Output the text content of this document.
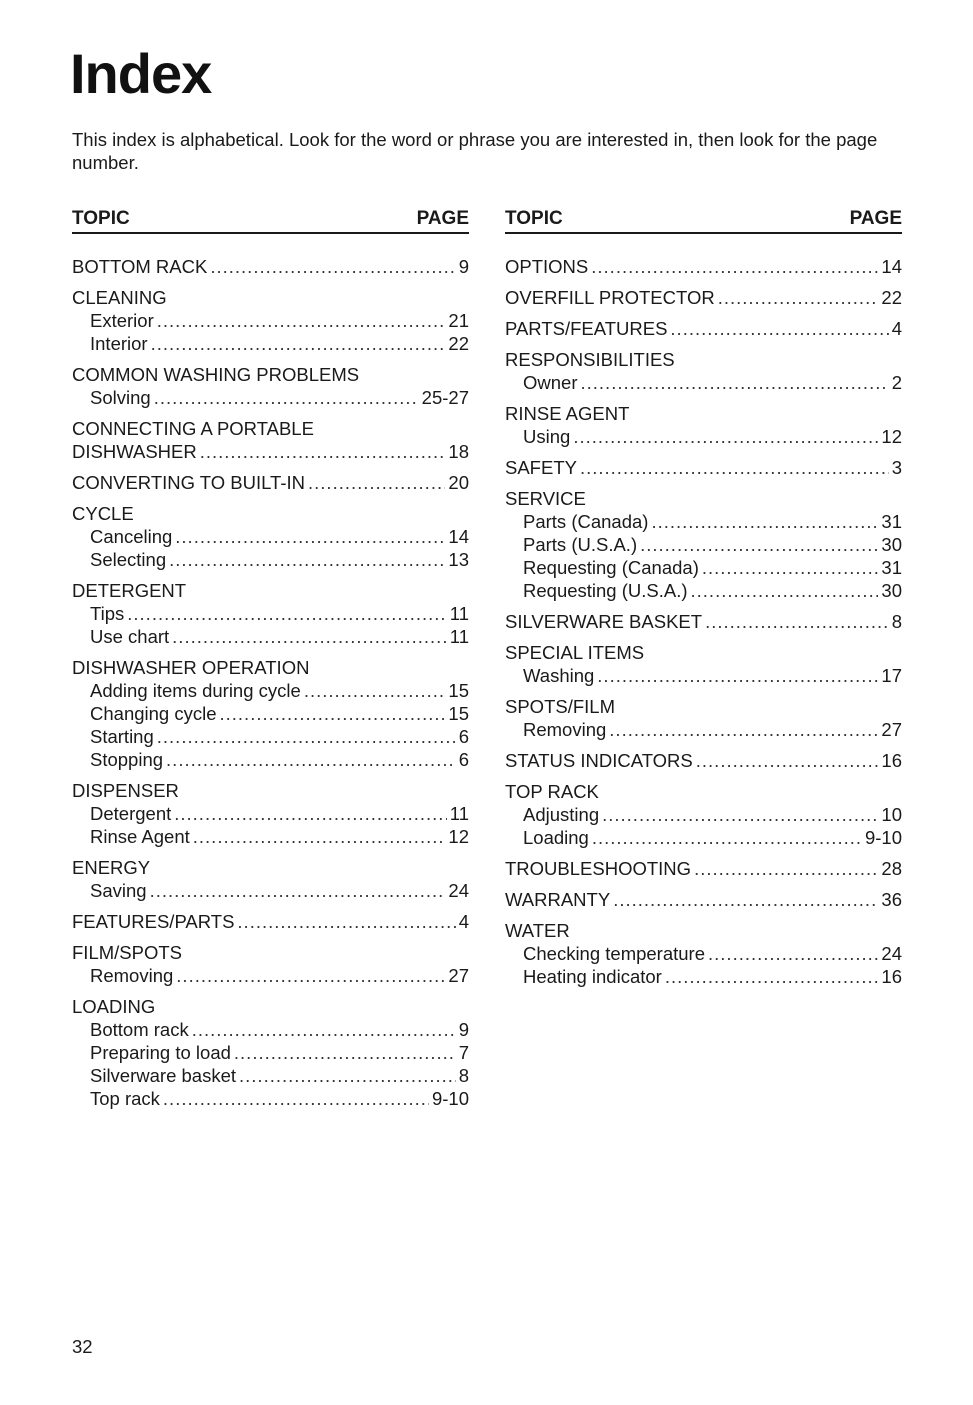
Index
This index is alphabetical. Look for the word or phrase you are interested in, then look for the page number.
TOPIC	PAGE
BOTTOM RACK .....	9
CLEANING
Exterior .....	21
Interior .....	22
COMMON WASHING PROBLEMS
Solving .....	25-27
CONNECTING A PORTABLE
DISHWASHER .....	18
CONVERTING TO BUILT-IN .....	20
CYCLE
Canceling .....	14
Selecting .....	13
DETERGENT
Tips .....	11
Use chart .....	11
DISHWASHER OPERATION
Adding items during cycle .....	15
Changing cycle .....	15
Starting .....	6
Stopping .....	6
DISPENSER
Detergent .....	11
Rinse Agent .....	12
ENERGY
Saving .....	24
FEATURES/PARTS .....	4
FILM/SPOTS
Removing .....	27
LOADING
Bottom rack .....	9
Preparing to load .....	7
Silverware basket .....	8
Top rack .....	9-10
TOPIC	PAGE
OPTIONS .....	14
OVERFILL PROTECTOR .....	22
PARTS/FEATURES .....	4
RESPONSIBILITIES
Owner .....	2
RINSE AGENT
Using .....	12
SAFETY .....	3
SERVICE
Parts (Canada) .....	31
Parts (U.S.A.) .....	30
Requesting (Canada) .....	31
Requesting (U.S.A.) .....	30
SILVERWARE BASKET .....	8
SPECIAL ITEMS
Washing .....	17
SPOTS/FILM
Removing .....	27
STATUS INDICATORS .....	16
TOP RACK
Adjusting .....	10
Loading .....	9-10
TROUBLESHOOTING .....	28
WARRANTY .....	36
WATER
Checking temperature .....	24
Heating indicator .....	16
32
